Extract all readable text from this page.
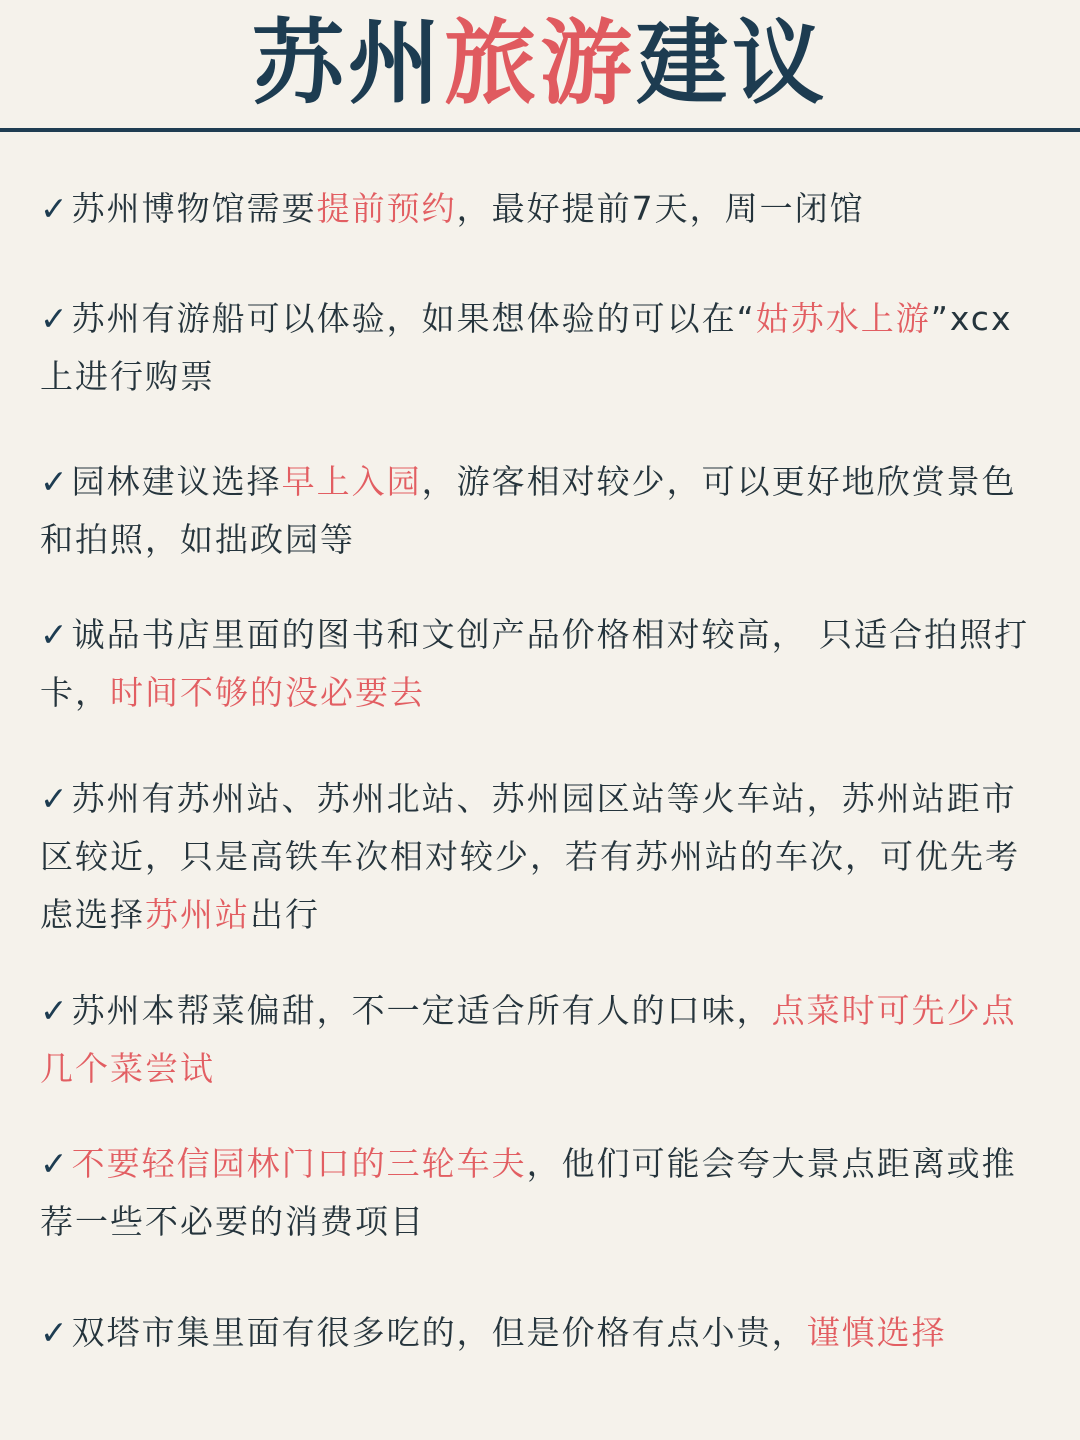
苏州旅游建议
✓苏州博物馆需要提前预约，最好提前7天，周一闭馆
✓苏州有游船可以体验，如果想体验的可以在“姑苏水上游”xcx上进行购票
✓园林建议选择早上入园，游客相对较少，可以更好地欣赏景色和拍照，如拙政园等
✓诚品书店里面的图书和文创产品价格相对较高， 只适合拍照打卡，时间不够的没必要去
✓苏州有苏州站、苏州北站、苏州园区站等火车站，苏州站距市区较近，只是高铁车次相对较少，若有苏州站的车次，可优先考虑选择苏州站出行
✓苏州本帮菜偏甜，不一定适合所有人的口味，点菜时可先少点几个菜尝试
✓不要轻信园林门口的三轮车夫，他们可能会夸大景点距离或推荐一些不必要的消费项目
✓双塔市集里面有很多吃的，但是价格有点小贵，谨慎选择
